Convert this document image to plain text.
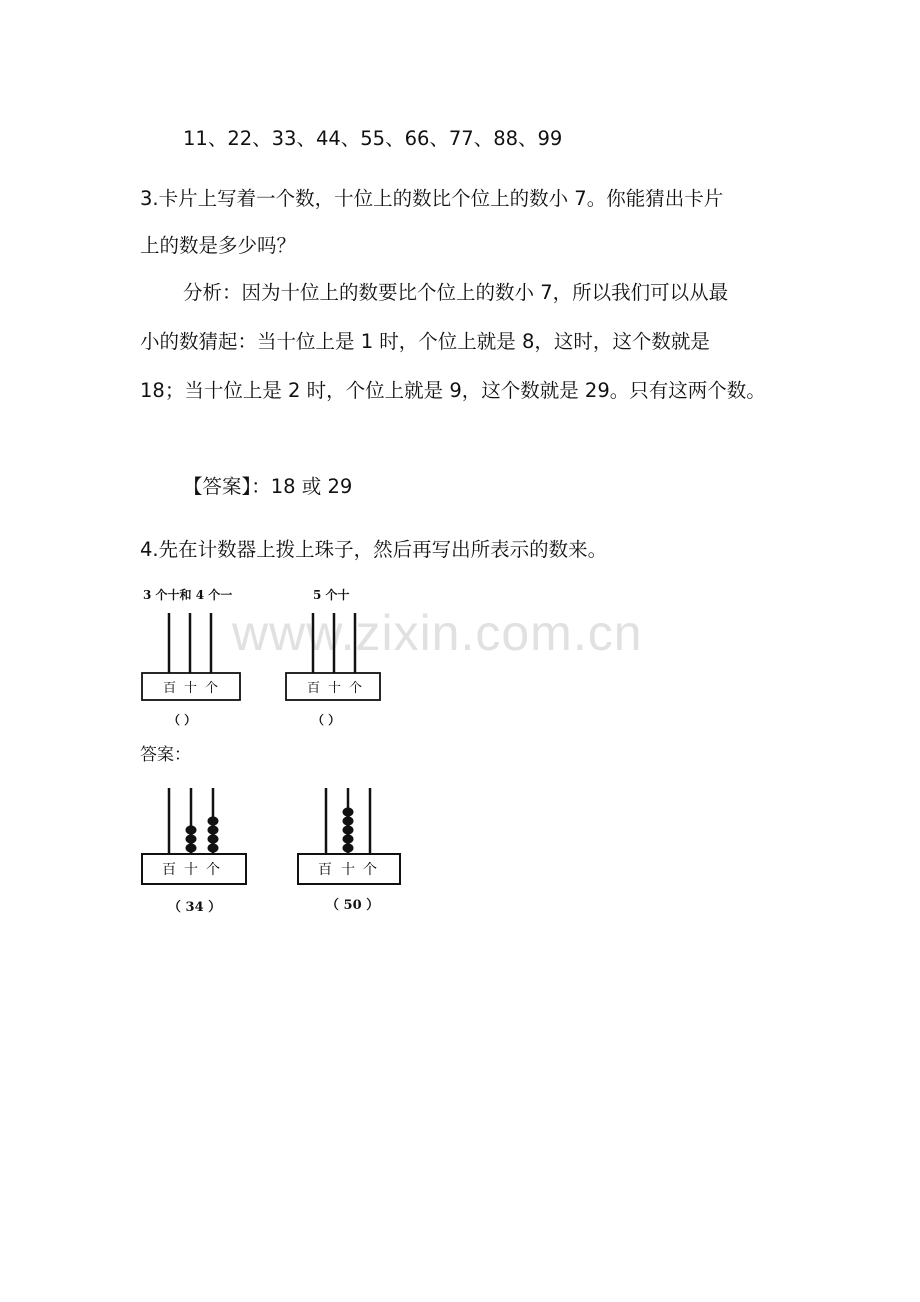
www.zixin.com.cn
11、22、33、44、55、66、77、88、99
3.卡片上写着一个数，十位上的数比个位上的数小 7。你能猜出卡片
上的数是多少吗？
分析：因为十位上的数要比个位上的数小 7，所以我们可以从最
小的数猜起：当十位上是 1 时，个位上就是 8，这时，这个数就是
18；当十位上是 2 时，个位上就是 9，这个数就是 29。只有这两个数。
【答案】：18 或 29
4.先在计数器上拨上珠子，然后再写出所表示的数来。
3 个十和 4 个一
百 十 个
（ ）
5 个十
百 十 个
（ ）
答案：
百 十 个
（ 34 ）
百 十 个
（ 50 ）
